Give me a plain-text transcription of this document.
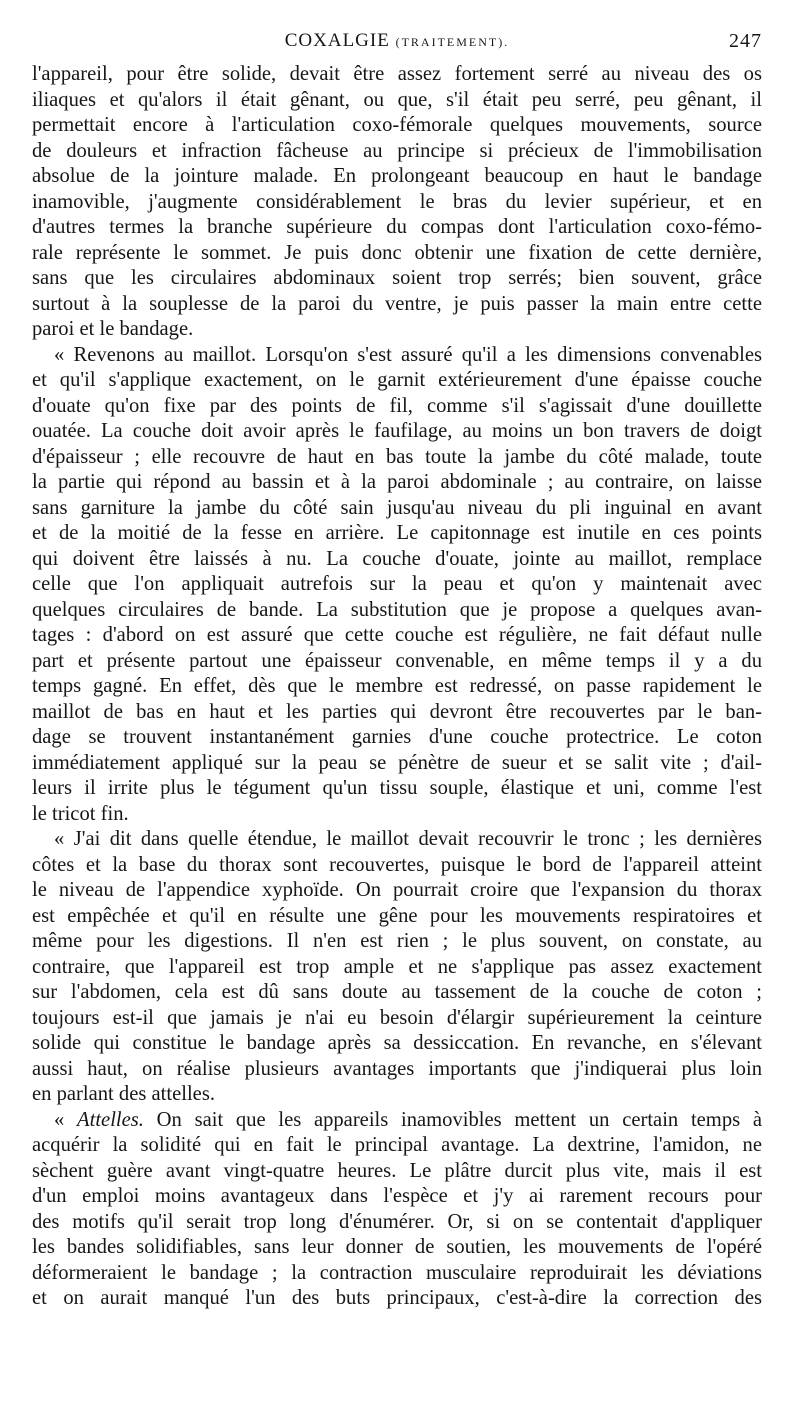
COXALGIE (TRAITEMENT).	247
l'appareil, pour être solide, devait être assez fortement serré au niveau des os
iliaques et qu'alors il était gênant, ou que, s'il était peu serré, peu gênant, il
permettait encore à l'articulation coxo-fémorale quelques mouvements, source
de douleurs et infraction fâcheuse au principe si précieux de l'immobilisation
absolue de la jointure malade. En prolongeant beaucoup en haut le bandage
inamovible, j'augmente considérablement le bras du levier supérieur, et en
d'autres termes la branche supérieure du compas dont l'articulation coxo-fémo-
rale représente le sommet. Je puis donc obtenir une fixation de cette dernière,
sans que les circulaires abdominaux soient trop serrés; bien souvent, grâce
surtout à la souplesse de la paroi du ventre, je puis passer la main entre cette
paroi et le bandage.
« Revenons au maillot. Lorsqu'on s'est assuré qu'il a les dimensions convenables
et qu'il s'applique exactement, on le garnit extérieurement d'une épaisse couche
d'ouate qu'on fixe par des points de fil, comme s'il s'agissait d'une douillette
ouatée. La couche doit avoir après le faufilage, au moins un bon travers de doigt
d'épaisseur ; elle recouvre de haut en bas toute la jambe du côté malade, toute
la partie qui répond au bassin et à la paroi abdominale ; au contraire, on laisse
sans garniture la jambe du côté sain jusqu'au niveau du pli inguinal en avant
et de la moitié de la fesse en arrière. Le capitonnage est inutile en ces points
qui doivent être laissés à nu. La couche d'ouate, jointe au maillot, remplace
celle que l'on appliquait autrefois sur la peau et qu'on y maintenait avec
quelques circulaires de bande. La substitution que je propose a quelques avan-
tages : d'abord on est assuré que cette couche est régulière, ne fait défaut nulle
part et présente partout une épaisseur convenable, en même temps il y a du
temps gagné. En effet, dès que le membre est redressé, on passe rapidement le
maillot de bas en haut et les parties qui devront être recouvertes par le ban-
dage se trouvent instantanément garnies d'une couche protectrice. Le coton
immédiatement appliqué sur la peau se pénètre de sueur et se salit vite ; d'ail-
leurs il irrite plus le tégument qu'un tissu souple, élastique et uni, comme l'est
le tricot fin.
« J'ai dit dans quelle étendue, le maillot devait recouvrir le tronc ; les dernières
côtes et la base du thorax sont recouvertes, puisque le bord de l'appareil atteint
le niveau de l'appendice xyphoïde. On pourrait croire que l'expansion du thorax
est empêchée et qu'il en résulte une gêne pour les mouvements respiratoires et
même pour les digestions. Il n'en est rien ; le plus souvent, on constate, au
contraire, que l'appareil est trop ample et ne s'applique pas assez exactement
sur l'abdomen, cela est dû sans doute au tassement de la couche de coton ;
toujours est-il que jamais je n'ai eu besoin d'élargir supérieurement la ceinture
solide qui constitue le bandage après sa dessiccation. En revanche, en s'élevant
aussi haut, on réalise plusieurs avantages importants que j'indiquerai plus loin
en parlant des attelles.
« Attelles. On sait que les appareils inamovibles mettent un certain temps à
acquérir la solidité qui en fait le principal avantage. La dextrine, l'amidon, ne
sèchent guère avant vingt-quatre heures. Le plâtre durcit plus vite, mais il est
d'un emploi moins avantageux dans l'espèce et j'y ai rarement recours pour
des motifs qu'il serait trop long d'énumérer. Or, si on se contentait d'appliquer
les bandes solidifiables, sans leur donner de soutien, les mouvements de l'opéré
déformeraient le bandage ; la contraction musculaire reproduirait les déviations
et on aurait manqué l'un des buts principaux, c'est-à-dire la correction des
